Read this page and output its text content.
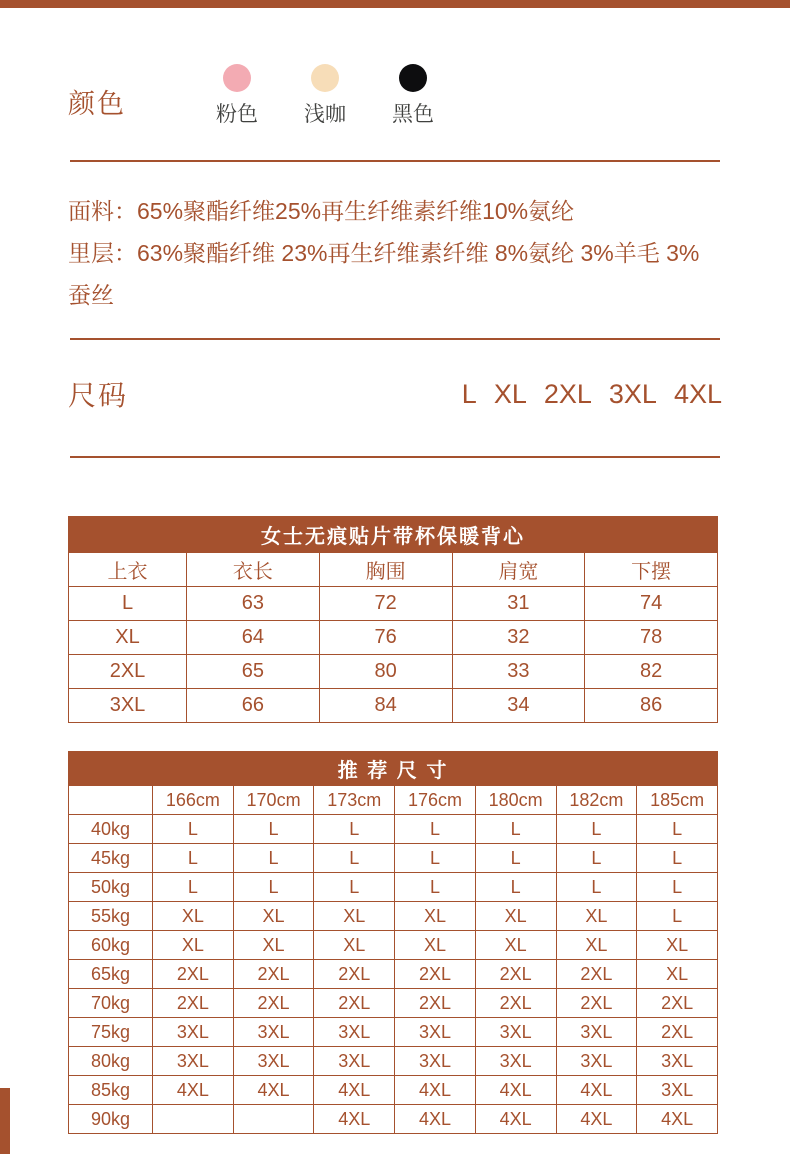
颜色	粉色 浅咖 黑色

面料：65%聚酯纤维25%再生纤维素纤维10%氨纶

里层：63%聚酯纤维 23%再生纤维素纤维 8%氨纶 3%羊毛 3%蚕丝

尺码	L XL 2XL 3XL 4XL
女士无痕贴片带杯保暖背心				
上衣	衣长	胸围	肩宽	下摆
L	63	72	31	74
XL	64	76	32	78
2XL	65	80	33	82
3XL	66	84	34	86
推 荐 尺 寸							
	166cm	170cm	173cm	176cm	180cm	182cm	185cm
40kg	L	L	L	L	L	L	L
45kg	L	L	L	L	L	L	L
50kg	L	L	L	L	L	L	L
55kg	XL	XL	XL	XL	XL	XL	L
60kg	XL	XL	XL	XL	XL	XL	XL
65kg	2XL	2XL	2XL	2XL	2XL	2XL	XL
70kg	2XL	2XL	2XL	2XL	2XL	2XL	2XL
75kg	3XL	3XL	3XL	3XL	3XL	3XL	2XL
80kg	3XL	3XL	3XL	3XL	3XL	3XL	3XL
85kg	4XL	4XL	4XL	4XL	4XL	4XL	3XL
90kg			4XL	4XL	4XL	4XL	4XL
